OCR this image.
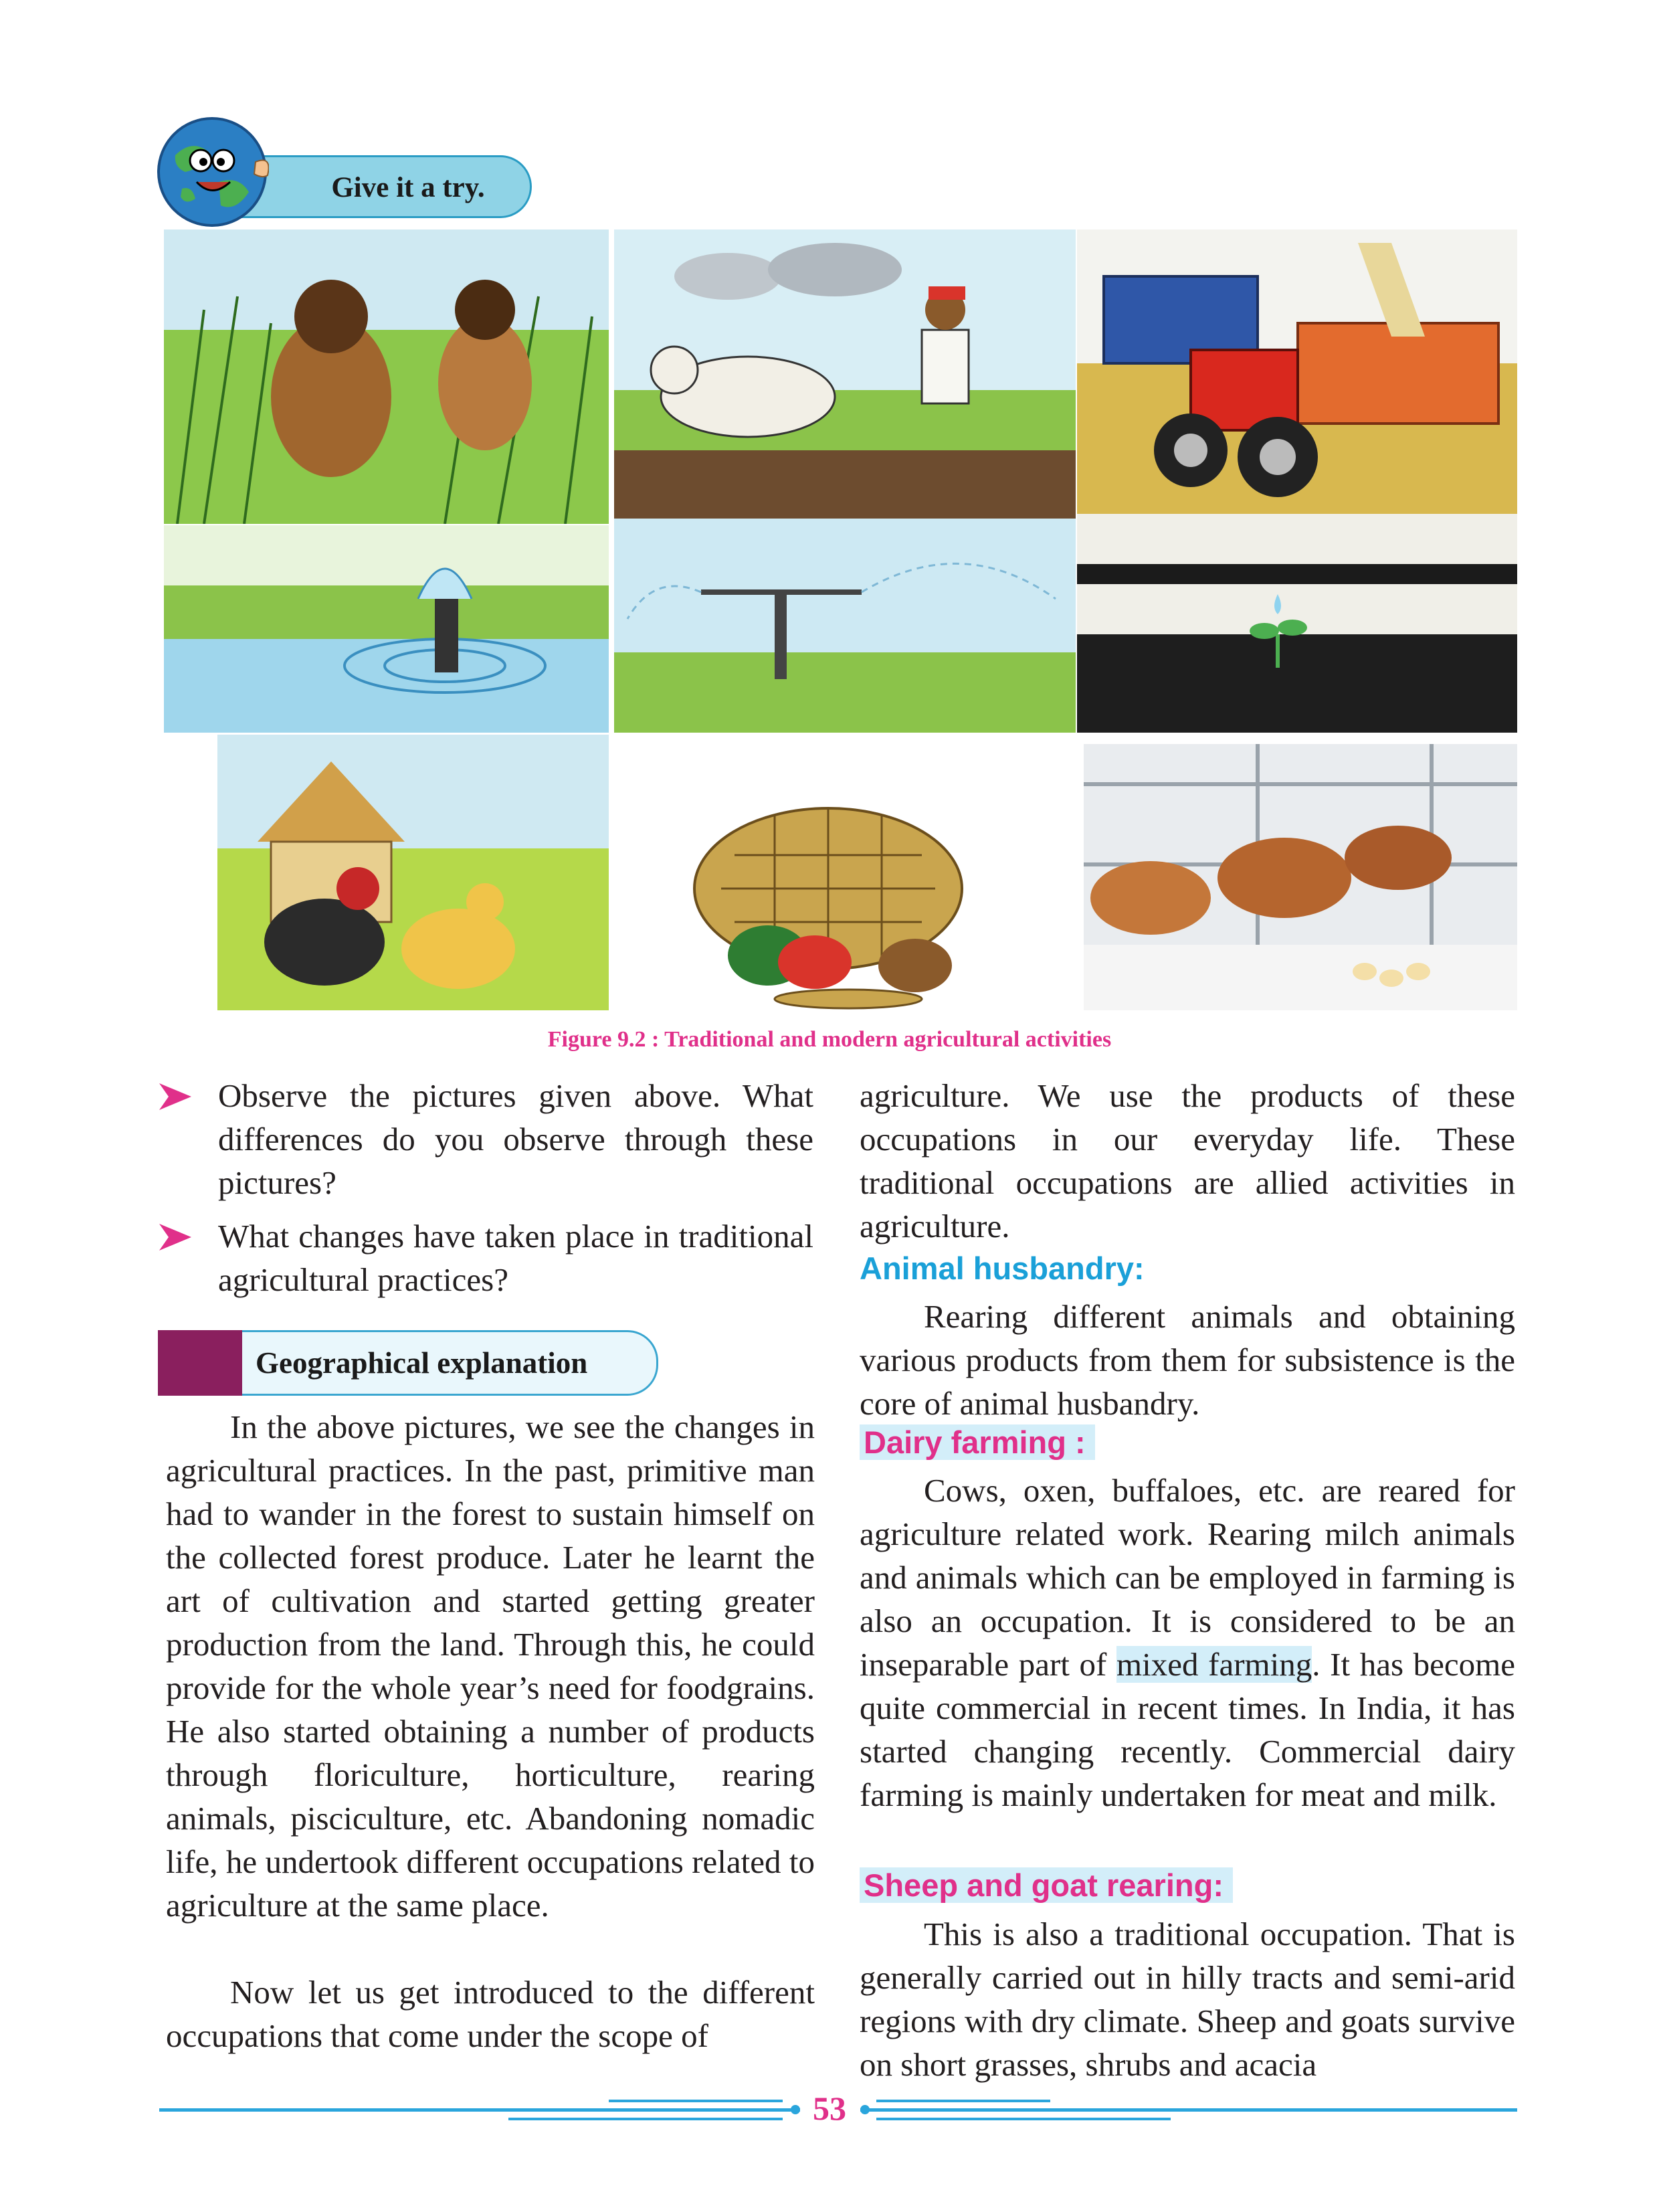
Give it a try.
Figure 9.2 : Traditional and modern agricultural activities
Observe the pictures given above. What differences do you observe through these pictures?
What changes have taken place in traditional agricultural practices?
Geographical explanation
In the above pictures, we see the changes in agricultural practices. In the past, primitive man had to wander in the forest to sustain himself on the collected forest produce. Later he learnt the art of cultivation and started getting greater production from the land. Through this, he could provide for the whole year’s need for foodgrains. He also started obtaining a number of products through floriculture, horticulture, rearing animals, pisciculture, etc. Abandoning nomadic life, he undertook different occupations related to agriculture at the same place.
Now let us get introduced to the different occupations that come under the scope of
agriculture. We use the products of these occupations in our everyday life. These traditional occupations are allied activities in agriculture.
Animal husbandry:
Rearing different animals and obtaining various products from them for subsistence is the core of animal husbandry.
Dairy farming :
Cows, oxen, buffaloes, etc. are reared for agriculture related work. Rearing milch animals and animals which can be employed in farming is also an occupation. It is considered to be an inseparable part of mixed farming. It has become quite commercial in recent times. In India, it has started changing recently. Commercial dairy farming is mainly undertaken for meat and milk.
Sheep and goat rearing:
This is also a traditional occupation. That is generally carried out in hilly tracts and semi-arid regions with dry climate. Sheep and goats survive on short grasses, shrubs and acacia
53
